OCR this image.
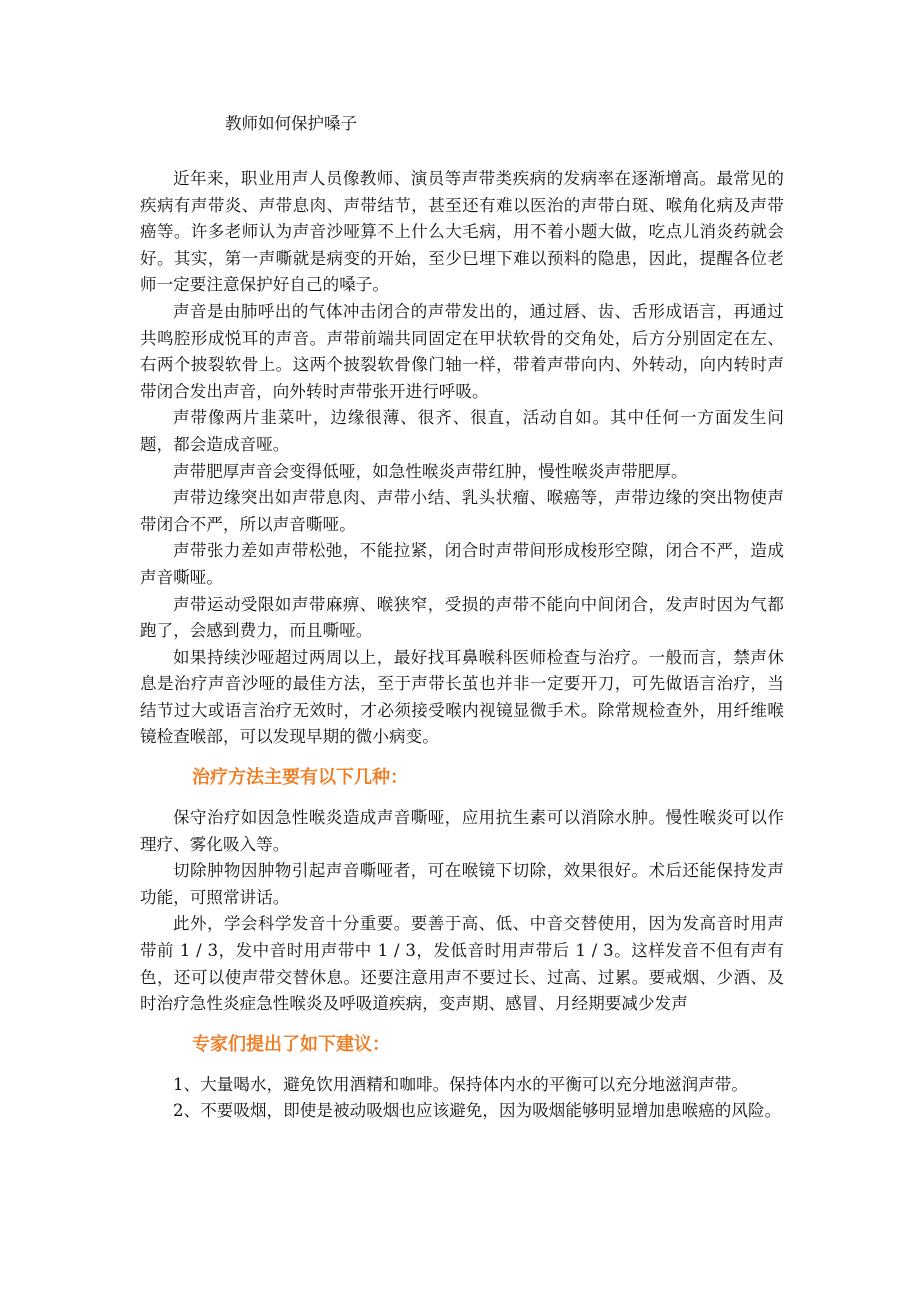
教师如何保护嗓子

近年来，职业用声人员像教师、演员等声带类疾病的发病率在逐渐增高。最常见的疾病有声带炎、声带息肉、声带结节，甚至还有难以医治的声带白斑、喉角化病及声带癌等。许多老师认为声音沙哑算不上什么大毛病，用不着小题大做，吃点儿消炎药就会好。其实，第一声嘶就是病变的开始，至少巳埋下难以预料的隐患，因此，提醒各位老师一定要注意保护好自己的嗓子。

声音是由肺呼出的气体冲击闭合的声带发出的，通过唇、齿、舌形成语言，再通过共鸣腔形成悦耳的声音。声带前端共同固定在甲状软骨的交角处，后方分别固定在左、右两个披裂软骨上。这两个披裂软骨像门轴一样，带着声带向内、外转动，向内转时声带闭合发出声音，向外转时声带张开进行呼吸。

声带像两片韭菜叶，边缘很薄、很齐、很直，活动自如。其中任何一方面发生问题，都会造成音哑。

声带肥厚声音会变得低哑，如急性喉炎声带红肿，慢性喉炎声带肥厚。

声带边缘突出如声带息肉、声带小结、乳头状瘤、喉癌等，声带边缘的突出物使声带闭合不严，所以声音嘶哑。

声带张力差如声带松弛，不能拉紧，闭合时声带间形成梭形空隙，闭合不严，造成声音嘶哑。

声带运动受限如声带麻痹、喉狭窄，受损的声带不能向中间闭合，发声时因为气都跑了，会感到费力，而且嘶哑。

如果持续沙哑超过两周以上，最好找耳鼻喉科医师检查与治疗。一般而言，禁声休息是治疗声音沙哑的最佳方法，至于声带长茧也并非一定要开刀，可先做语言治疗，当结节过大或语言治疗无效时，才必须接受喉内视镜显微手术。除常规检查外，用纤维喉镜检查喉部，可以发现早期的微小病变。

治疗方法主要有以下几种：

保守治疗如因急性喉炎造成声音嘶哑，应用抗生素可以消除水肿。慢性喉炎可以作理疗、雾化吸入等。

切除肿物因肿物引起声音嘶哑者，可在喉镜下切除，效果很好。术后还能保持发声功能，可照常讲话。

此外，学会科学发音十分重要。要善于高、低、中音交替使用，因为发高音时用声带前 1 / 3，发中音时用声带中 1 / 3，发低音时用声带后 1 / 3。这样发音不但有声有色，还可以使声带交替休息。还要注意用声不要过长、过高、过累。要戒烟、少酒、及时治疗急性炎症急性喉炎及呼吸道疾病，变声期、感冒、月经期要减少发声

专家们提出了如下建议：

1、大量喝水，避免饮用酒精和咖啡。保持体内水的平衡可以充分地滋润声带。

2、不要吸烟，即使是被动吸烟也应该避免，因为吸烟能够明显增加患喉癌的风险。
